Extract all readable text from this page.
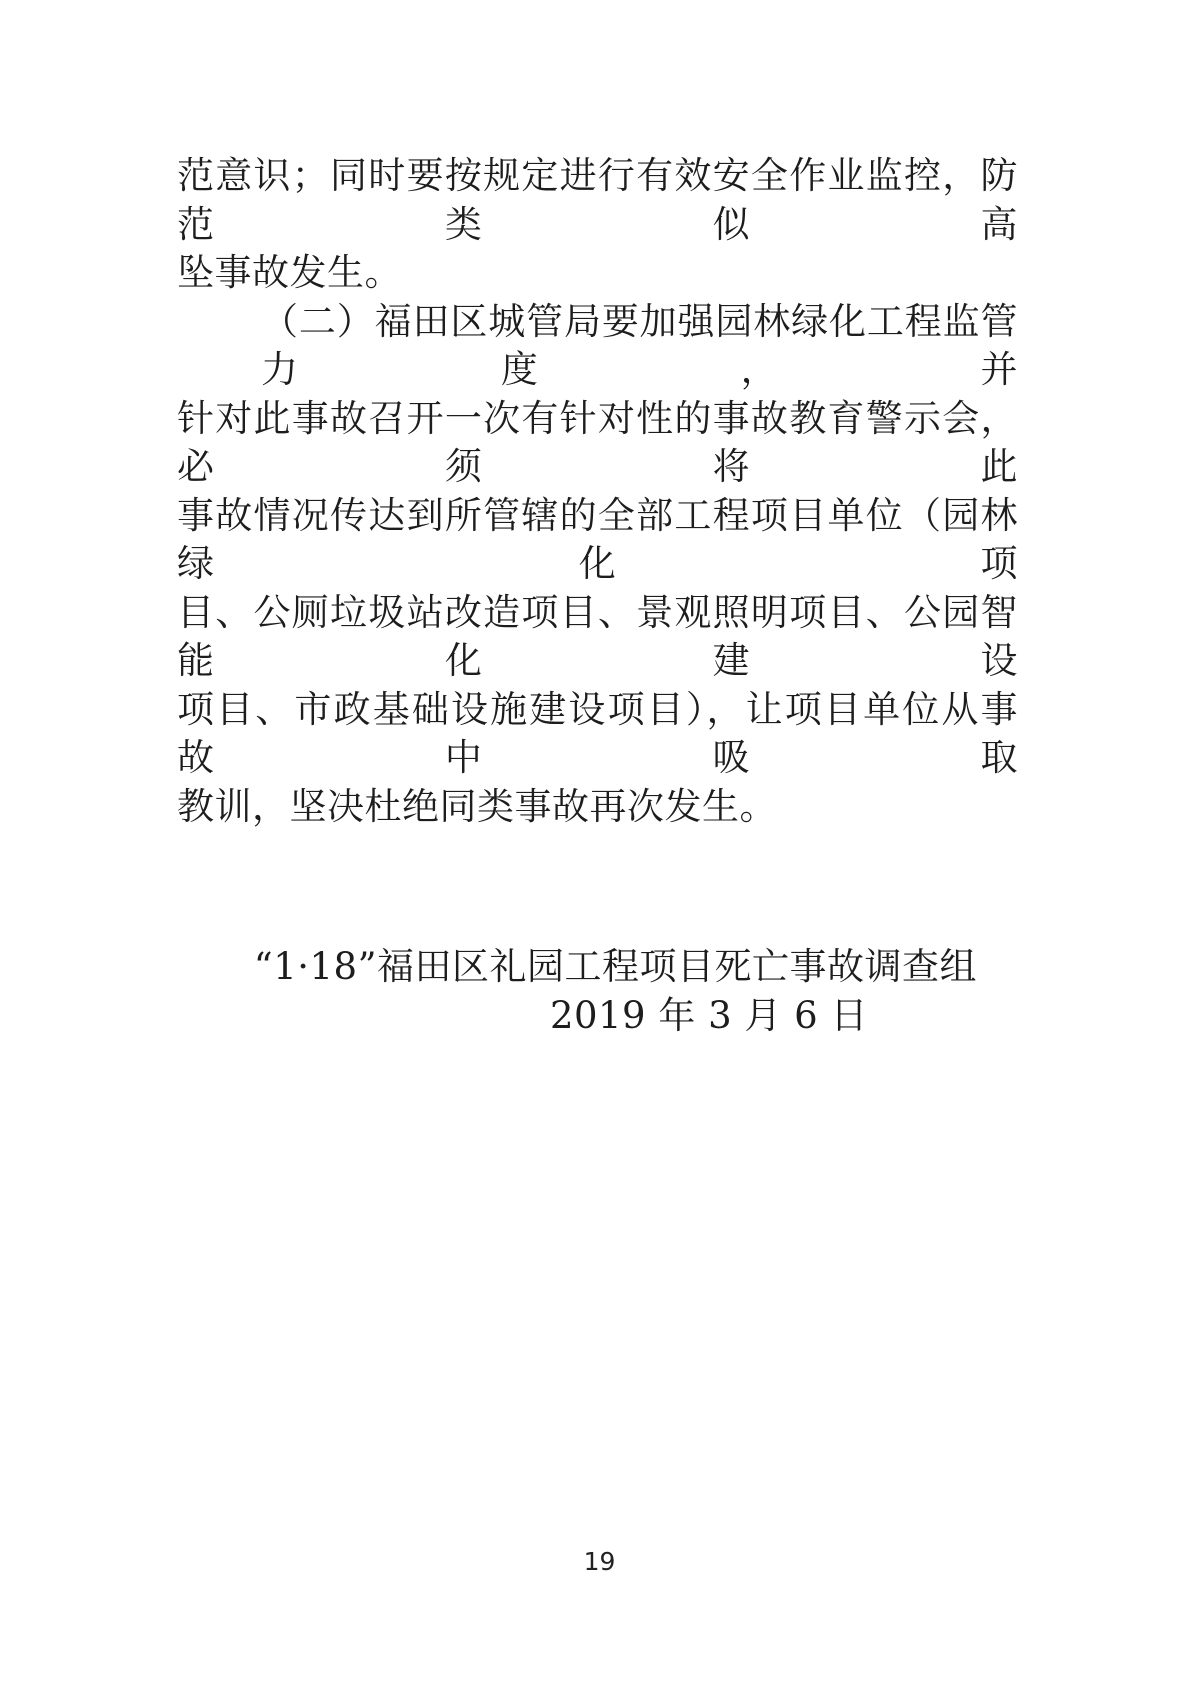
范意识；同时要按规定进行有效安全作业监控，防范类似高
坠事故发生。
（二）福田区城管局要加强园林绿化工程监管力度，并
针对此事故召开一次有针对性的事故教育警示会，必须将此
事故情况传达到所管辖的全部工程项目单位（园林绿化项
目、公厕垃圾站改造项目、景观照明项目、公园智能化建设
项目、市政基础设施建设项目），让项目单位从事故中吸取
教训，坚决杜绝同类事故再次发生。
“1·18”福田区礼园工程项目死亡事故调查组
2019 年 3 月 6 日
19
